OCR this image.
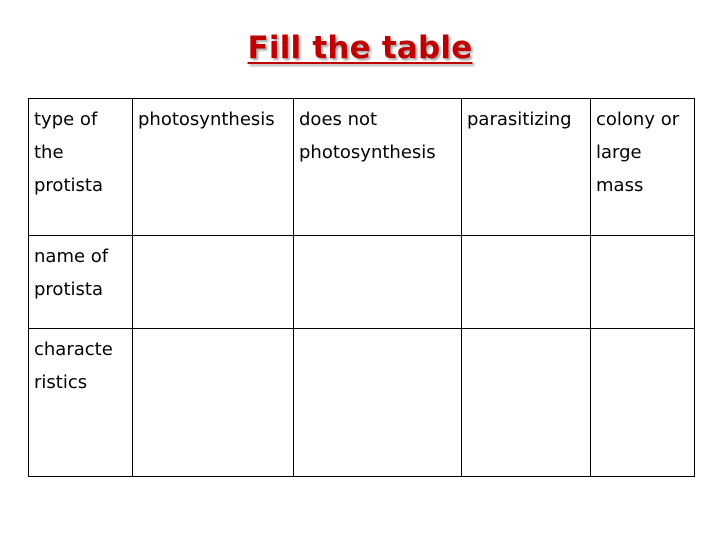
Fill the table
type of the protista	photosynthesis	does not photosynthesis	parasitizing	colony or large mass
name of protista				
characte ristics				
